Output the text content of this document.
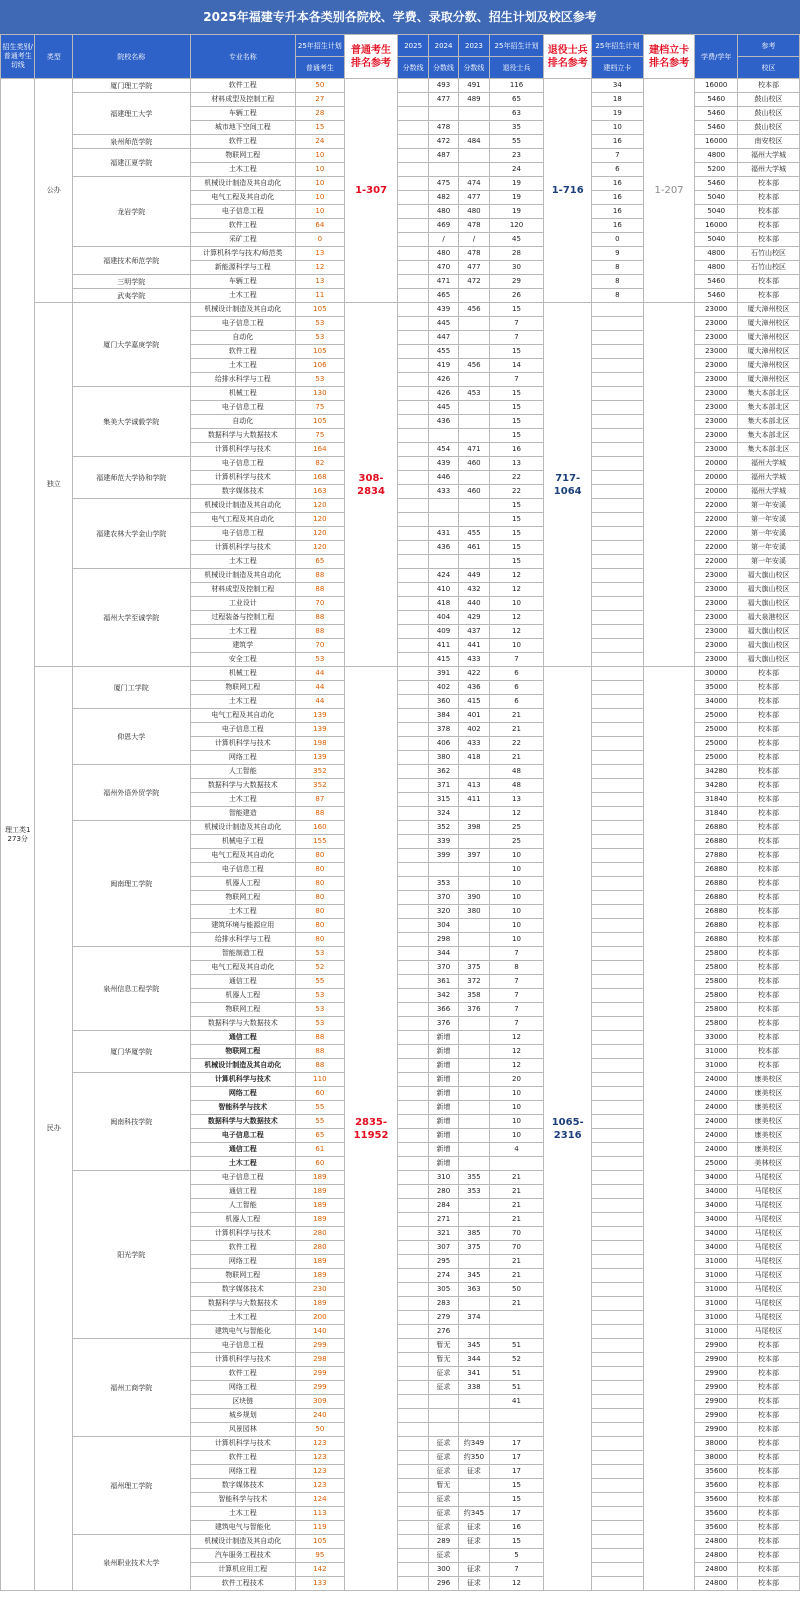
2025年福建专升本各类别各院校、学费、录取分数、招生计划及校区参考
招生类别/普通考生切线	类型	院校名称	专业名称	25年招生计划	普通考生
排名参考	2025	2024	2023	25年招生计划	退役士兵
排名参考	25年招生计划	建档立卡
排名参考	学费/学年	参考
				普通考生		分数线	分数线	分数线	退役士兵		建档立卡			校区
理工类1 273分	公办	厦门理工学院	软件工程	50	1-307		493	491	116	1-716	34	1-207	16000	校本部
		福建理工大学	材料成型及控制工程	27			477	489	65		18		5460	鼓山校区
			车辆工程	28					63		19		5460	鼓山校区
			城市地下空间工程	15			478		35		10		5460	鼓山校区
		泉州师范学院	软件工程	24			472	484	55		16		16000	南安校区
		福建江夏学院	物联网工程	10			487		23		7		4800	福州大学城
			土木工程	10					24		6		5200	福州大学城
		龙岩学院	机械设计制造及其自动化	10			475	474	19		16		5460	校本部
			电气工程及其自动化	10			482	477	19		16		5040	校本部
			电子信息工程	10			480	480	19		16		5040	校本部
			软件工程	64			469	478	120		16		16000	校本部
			采矿工程	0			/	/	45		0		5040	校本部
		福建技术师范学院	计算机科学与技术/师范类	13			480	478	28		9		4800	石竹山校区
			新能源科学与工程	12			470	477	30		8		4800	石竹山校区
		三明学院	车辆工程	13			471	472	29		8		5460	校本部
		武夷学院	土木工程	11			465		26		8		5460	校本部
	独立	厦门大学嘉庚学院	机械设计制造及其自动化	105	308-2834		439	456	15	717-1064			23000	厦大漳州校区
			电子信息工程	53			445		7				23000	厦大漳州校区
			自动化	53			447		7				23000	厦大漳州校区
			软件工程	105			455		15				23000	厦大漳州校区
			土木工程	106			419	456	14				23000	厦大漳州校区
			给排水科学与工程	53			426		7				23000	厦大漳州校区
		集美大学诚毅学院	机械工程	130			426	453	15				23000	集大本部北区
			电子信息工程	75			445		15				23000	集大本部北区
			自动化	105			436		15				23000	集大本部北区
			数据科学与大数据技术	75					15				23000	集大本部北区
			计算机科学与技术	164			454	471	16				23000	集大本部北区
		福建师范大学协和学院	电子信息工程	82			439	460	13				20000	福州大学城
			计算机科学与技术	168			446		22				20000	福州大学城
			数字媒体技术	163			433	460	22				20000	福州大学城
		福建农林大学金山学院	机械设计制造及其自动化	120					15				22000	第一年安溪
			电气工程及其自动化	120					15				22000	第一年安溪
			电子信息工程	120			431	455	15				22000	第一年安溪
			计算机科学与技术	120			436	461	15				22000	第一年安溪
			土木工程	65					15				22000	第一年安溪
		福州大学至诚学院	机械设计制造及其自动化	88			424	449	12				23000	福大旗山校区
			材料成型及控制工程	88			410	432	12				23000	福大旗山校区
			工业设计	70			418	440	10				23000	福大旗山校区
			过程装备与控制工程	88			404	429	12				23000	福大泉港校区
			土木工程	88			409	437	12				23000	福大旗山校区
			建筑学	70			411	441	10				23000	福大旗山校区
			安全工程	53			415	433	7				23000	福大旗山校区
	民办	厦门工学院	机械工程	44	2835-11952		391	422	6	1065-2316			30000	校本部
			物联网工程	44			402	436	6				35000	校本部
			土木工程	44			360	415	6				34000	校本部
		仰恩大学	电气工程及其自动化	139			384	401	21				25000	校本部
			电子信息工程	139			378	402	21				25000	校本部
			计算机科学与技术	198			406	433	22				25000	校本部
			网络工程	139			380	418	21				25000	校本部
		福州外语外贸学院	人工智能	352			362		48				34280	校本部
			数据科学与大数据技术	352			371	413	48				34280	校本部
			土木工程	87			315	411	13				31840	校本部
			智能建造	88			324		12				31840	校本部
		闽南理工学院	机械设计制造及其自动化	160			352	398	25				26880	校本部
			机械电子工程	155			339		25				26880	校本部
			电气工程及其自动化	80			399	397	10				27880	校本部
			电子信息工程	80					10				26880	校本部
			机器人工程	80			353		10				26880	校本部
			物联网工程	80			370	390	10				26880	校本部
			土木工程	80			320	380	10				26880	校本部
			建筑环境与能源应用	80			304		10				26880	校本部
			给排水科学与工程	80			298		10				26880	校本部
		泉州信息工程学院	智能制造工程	53			344		7				25800	校本部
			电气工程及其自动化	52			370	375	8				25800	校本部
			通信工程	55			361	372	7				25800	校本部
			机器人工程	53			342	358	7				25800	校本部
			物联网工程	53			366	376	7				25800	校本部
			数据科学与大数据技术	53			376		7				25800	校本部
		厦门华厦学院	通信工程	88			新增		12				33000	校本部
			物联网工程	88			新增		12				31000	校本部
			机械设计制造及其自动化	88			新增		12				31000	校本部
		闽南科技学院	计算机科学与技术	110			新增		20				24000	康美校区
			网络工程	60			新增		10				24000	康美校区
			智能科学与技术	55			新增		10				24000	康美校区
			数据科学与大数据技术	55			新增		10				24000	康美校区
			电子信息工程	65			新增		10				24000	康美校区
			通信工程	61			新增		4				24000	康美校区
			土木工程	60			新增						25000	美林校区
		阳光学院	电子信息工程	189			310	355	21				34000	马尾校区
			通信工程	189			280	353	21				34000	马尾校区
			人工智能	189			284		21				34000	马尾校区
			机器人工程	189			271		21				34000	马尾校区
			计算机科学与技术	280			321	385	70				34000	马尾校区
			软件工程	280			307	375	70				34000	马尾校区
			网络工程	189			295		21				31000	马尾校区
			物联网工程	189			274	345	21				31000	马尾校区
			数字媒体技术	230			305	363	50				31000	马尾校区
			数据科学与大数据技术	189			283		21				31000	马尾校区
			土木工程	200			279	374					31000	马尾校区
			建筑电气与智能化	140			276						31000	马尾校区
		福州工商学院	电子信息工程	299			暂无	345	51				29900	校本部
			计算机科学与技术	298			暂无	344	52				29900	校本部
			软件工程	299			征求	341	51				29900	校本部
			网络工程	299			征求	338	51				29900	校本部
			区块链	309					41				29900	校本部
			城乡规划	240									29900	校本部
			风景园林	50									29900	校本部
		福州理工学院	计算机科学与技术	123			征求	约349	17				38000	校本部
			软件工程	123			征求	约350	17				38000	校本部
			网络工程	123			征求	征求	17				35600	校本部
			数字媒体技术	123			暂无		15				35600	校本部
			智能科学与技术	124			征求		15				35600	校本部
			土木工程	113			征求	约345	17				35600	校本部
			建筑电气与智能化	119			征求	征求	16				35600	校本部
		泉州职业技术大学	机械设计制造及其自动化	105			289	征求	15				24800	校本部
			汽车服务工程技术	95			征求		5				24800	校本部
			计算机应用工程	142			300	征求	7				24800	校本部
			软件工程技术	133			296	征求	12				24800	校本部
